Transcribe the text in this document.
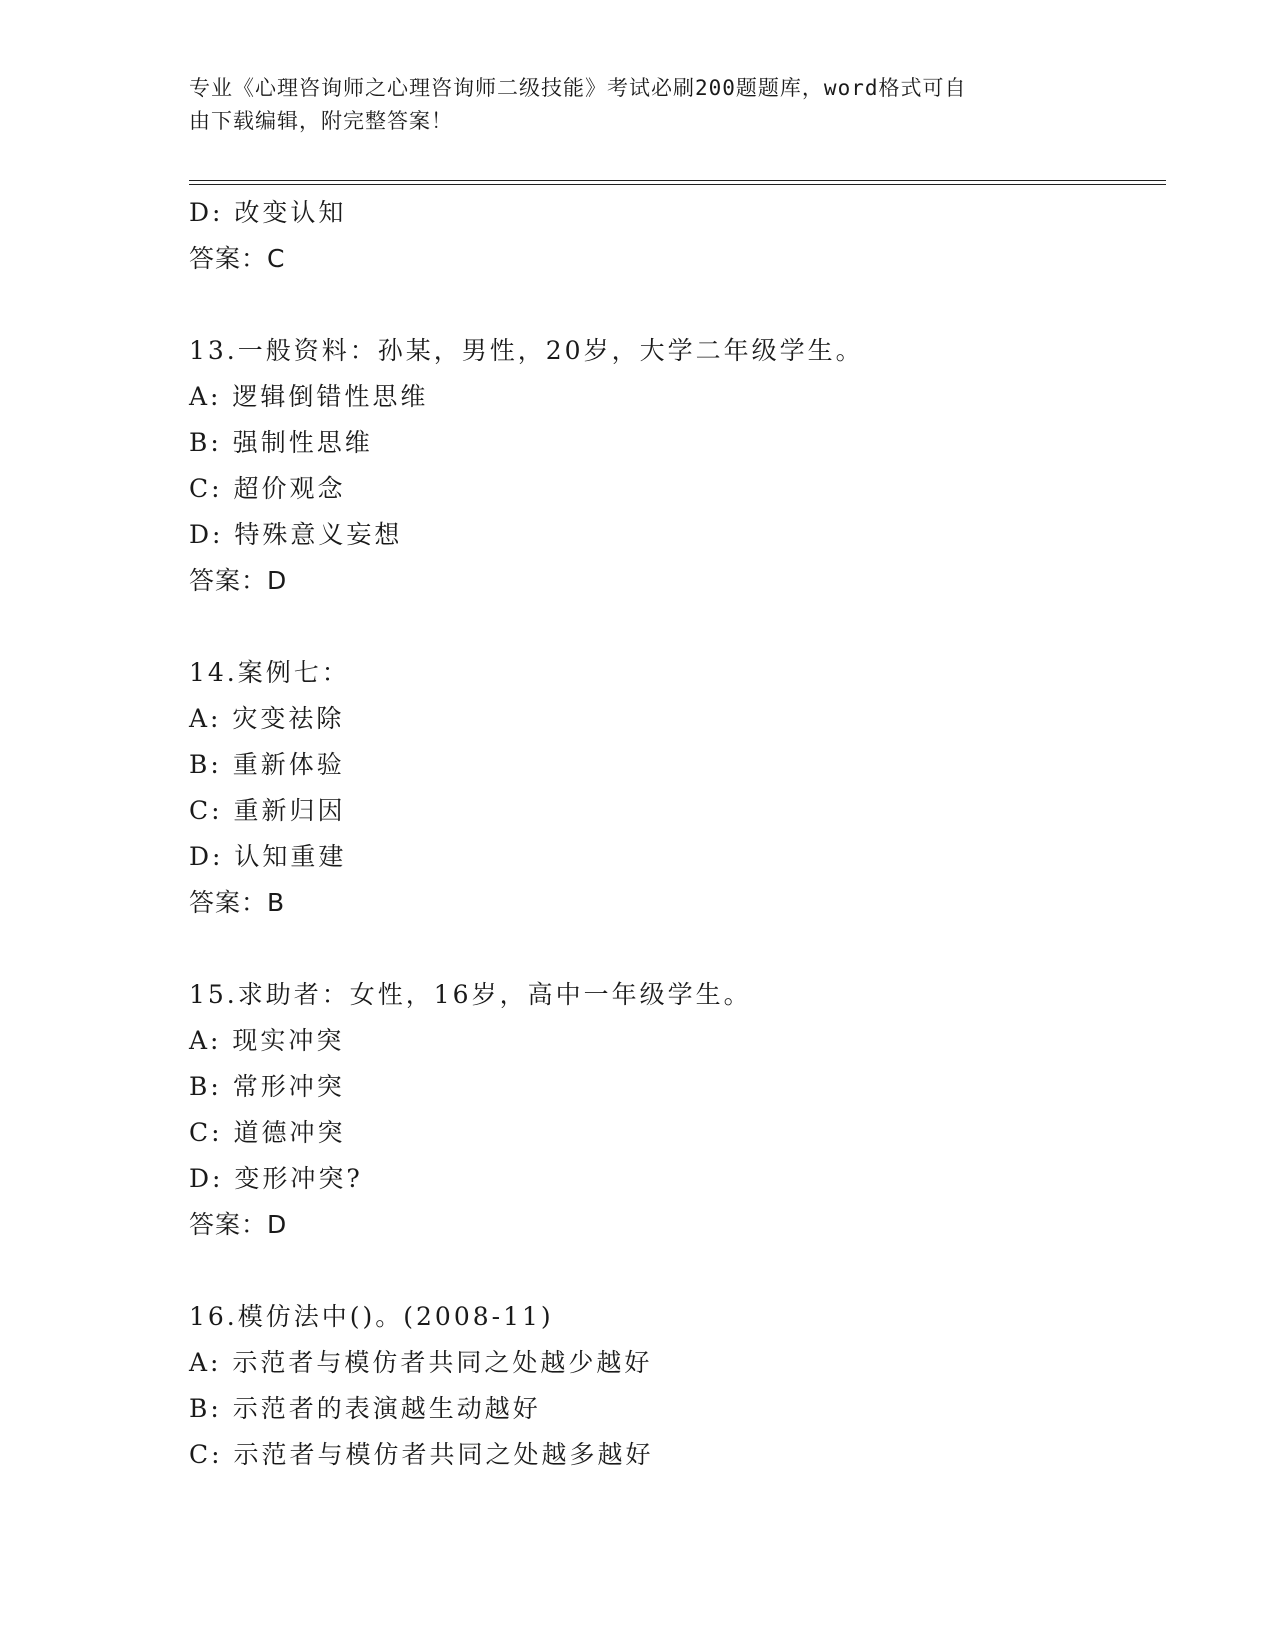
专业《心理咨询师之心理咨询师二级技能》考试必刷200题题库，word格式可自
由下载编辑，附完整答案！
D: 改变认知
答案：C
13.一般资料：孙某，男性，20岁，大学二年级学生。
A: 逻辑倒错性思维
B: 强制性思维
C: 超价观念
D: 特殊意义妄想
答案：D
14.案例七：
A: 灾变祛除
B: 重新体验
C: 重新归因
D: 认知重建
答案：B
15.求助者：女性，16岁，高中一年级学生。
A: 现实冲突
B: 常形冲突
C: 道德冲突
D: 变形冲突?
答案：D
16.模仿法中()。(2008-11)
A: 示范者与模仿者共同之处越少越好
B: 示范者的表演越生动越好
C: 示范者与模仿者共同之处越多越好
